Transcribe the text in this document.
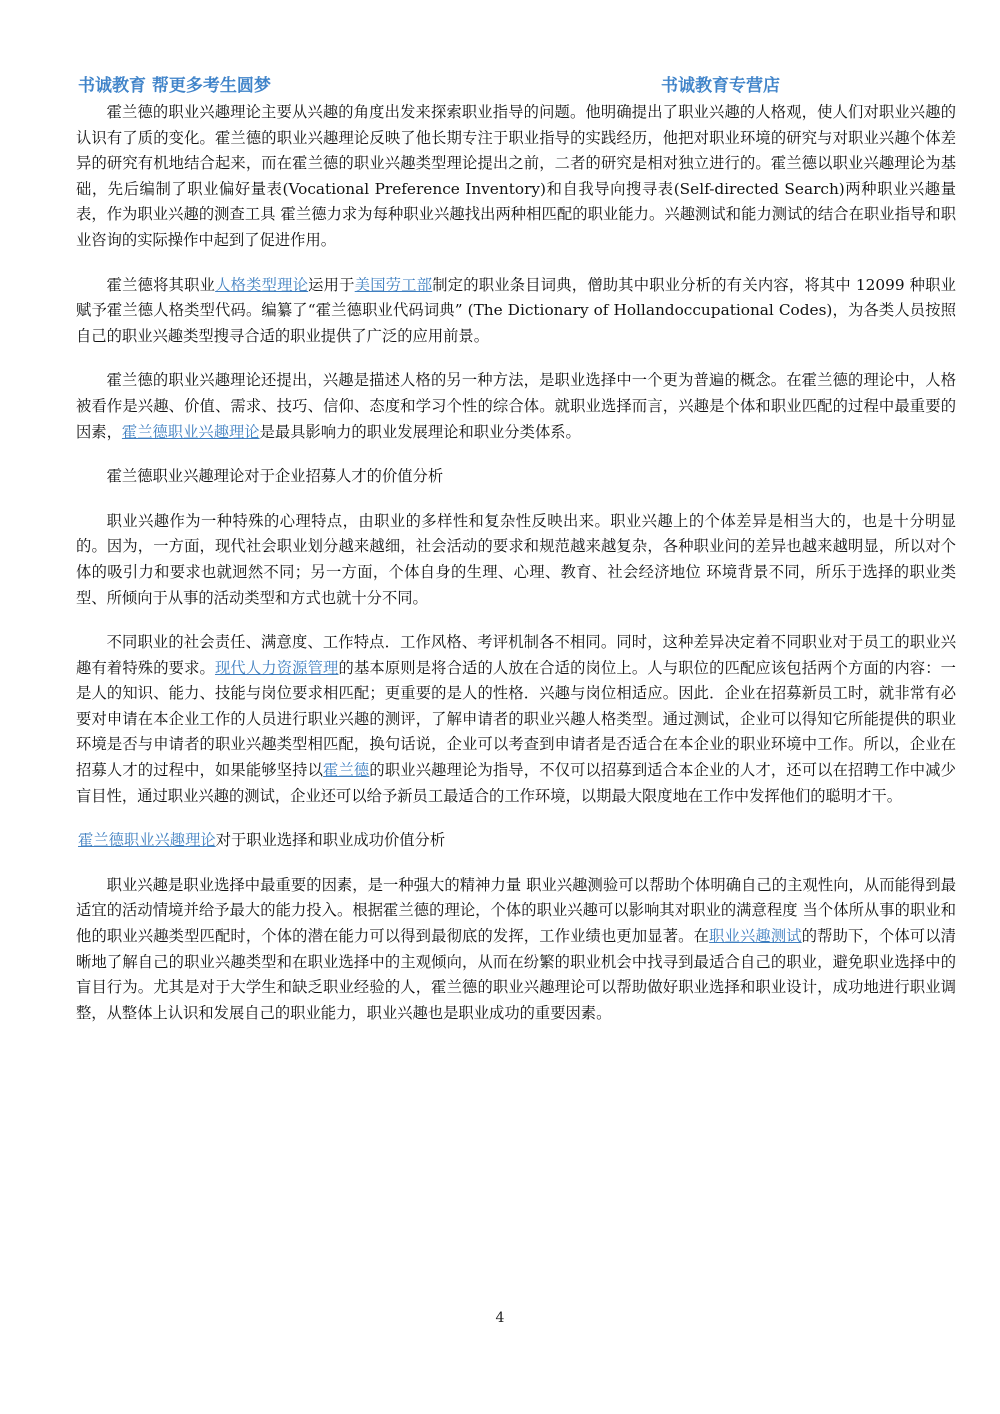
书诚教育 帮更多考生圆梦	书诚教育专营店

霍兰德的职业兴趣理论主要从兴趣的角度出发来探索职业指导的问题。他明确提出了职业兴趣的人格观，使人们对职业兴趣的认识有了质的变化。霍兰德的职业兴趣理论反映了他长期专注于职业指导的实践经历，他把对职业环境的研究与对职业兴趣个体差异的研究有机地结合起来，而在霍兰德的职业兴趣类型理论提出之前，二者的研究是相对独立进行的。霍兰德以职业兴趣理论为基础，先后编制了职业偏好量表(Vocational Preference Inventory)和自我导向搜寻表(Self-directed Search)两种职业兴趣量表，作为职业兴趣的测查工具 霍兰德力求为每种职业兴趣找出两种相匹配的职业能力。兴趣测试和能力测试的结合在职业指导和职业咨询的实际操作中起到了促进作用。

霍兰德将其职业人格类型理论运用于美国劳工部制定的职业条目词典，僧助其中职业分析的有关内容，将其中 12099 种职业赋予霍兰德人格类型代码。编纂了“霍兰德职业代码词典” (The Dictionary of Hollandoccupational Codes)，为各类人员按照自己的职业兴趣类型搜寻合适的职业提供了广泛的应用前景。

霍兰德的职业兴趣理论还提出，兴趣是描述人格的另一种方法，是职业选择中一个更为普遍的概念。在霍兰德的理论中，人格被看作是兴趣、价值、需求、技巧、信仰、态度和学习个性的综合体。就职业选择而言，兴趣是个体和职业匹配的过程中最重要的因素，霍兰德职业兴趣理论是最具影响力的职业发展理论和职业分类体系。

霍兰德职业兴趣理论对于企业招募人才的价值分析

职业兴趣作为一种特殊的心理特点，由职业的多样性和复杂性反映出来。职业兴趣上的个体差异是相当大的，也是十分明显的。因为，一方面，现代社会职业划分越来越细，社会活动的要求和规范越来越复杂，各种职业问的差异也越来越明显，所以对个体的吸引力和要求也就迥然不同；另一方面，个体自身的生理、心理、教育、社会经济地位 环境背景不同，所乐于选择的职业类型、所倾向于从事的活动类型和方式也就十分不同。

不同职业的社会责任、满意度、工作特点．工作风格、考评机制各不相同。同时，这种差异决定着不同职业对于员工的职业兴趣有着特殊的要求。现代人力资源管理的基本原则是将合适的人放在合适的岗位上。人与职位的匹配应该包括两个方面的内容：一是人的知识、能力、技能与岗位要求相匹配；更重要的是人的性格．兴趣与岗位相适应。因此．企业在招募新员工时，就非常有必要对申请在本企业工作的人员进行职业兴趣的测评，了解申请者的职业兴趣人格类型。通过测试，企业可以得知它所能提供的职业环境是否与申请者的职业兴趣类型相匹配，换句话说，企业可以考查到申请者是否适合在本企业的职业环境中工作。所以，企业在招募人才的过程中，如果能够坚持以霍兰德的职业兴趣理论为指导，不仅可以招募到适合本企业的人才，还可以在招聘工作中减少盲目性，通过职业兴趣的测试，企业还可以给予新员工最适合的工作环境，以期最大限度地在工作中发挥他们的聪明才干。

霍兰德职业兴趣理论对于职业选择和职业成功价值分析

职业兴趣是职业选择中最重要的因素，是一种强大的精神力量 职业兴趣测验可以帮助个体明确自己的主观性向，从而能得到最适宜的活动情境并给予最大的能力投入。根据霍兰德的理论，个体的职业兴趣可以影响其对职业的满意程度 当个体所从事的职业和他的职业兴趣类型匹配时，个体的潜在能力可以得到最彻底的发挥，工作业绩也更加显著。在职业兴趣测试的帮助下，个体可以清晰地了解自己的职业兴趣类型和在职业选择中的主观倾向，从而在纷繁的职业机会中找寻到最适合自己的职业，避免职业选择中的盲目行为。尤其是对于大学生和缺乏职业经验的人，霍兰德的职业兴趣理论可以帮助做好职业选择和职业设计，成功地进行职业调整，从整体上认识和发展自己的职业能力，职业兴趣也是职业成功的重要因素。

4
